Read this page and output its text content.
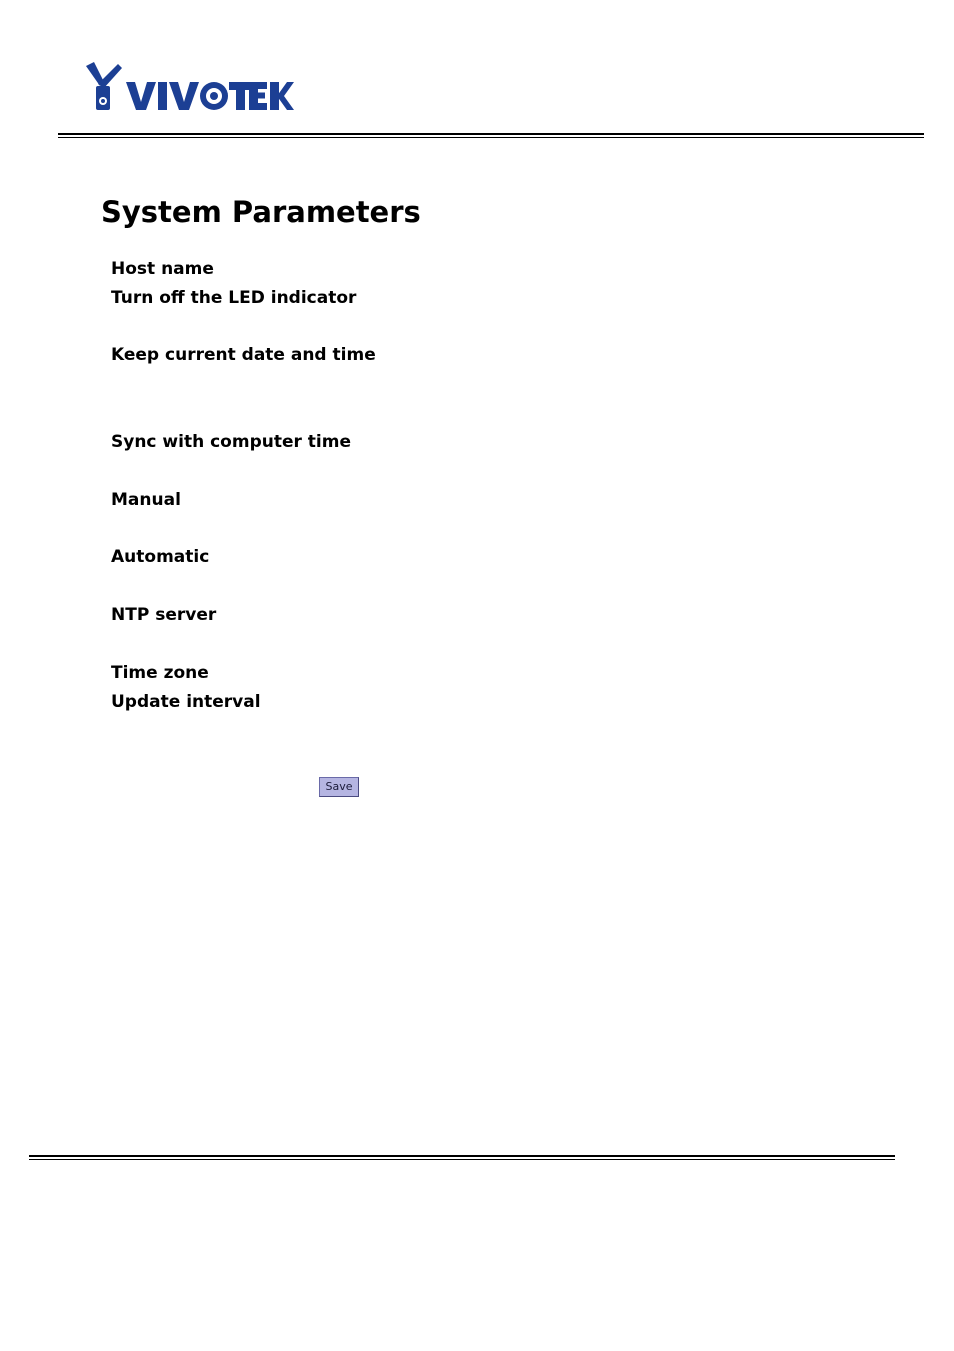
System Parameters
Host name
Turn off the LED indicator
Keep current date and time
Sync with computer time
Manual
Automatic
NTP server
Time zone
Update interval
Save
